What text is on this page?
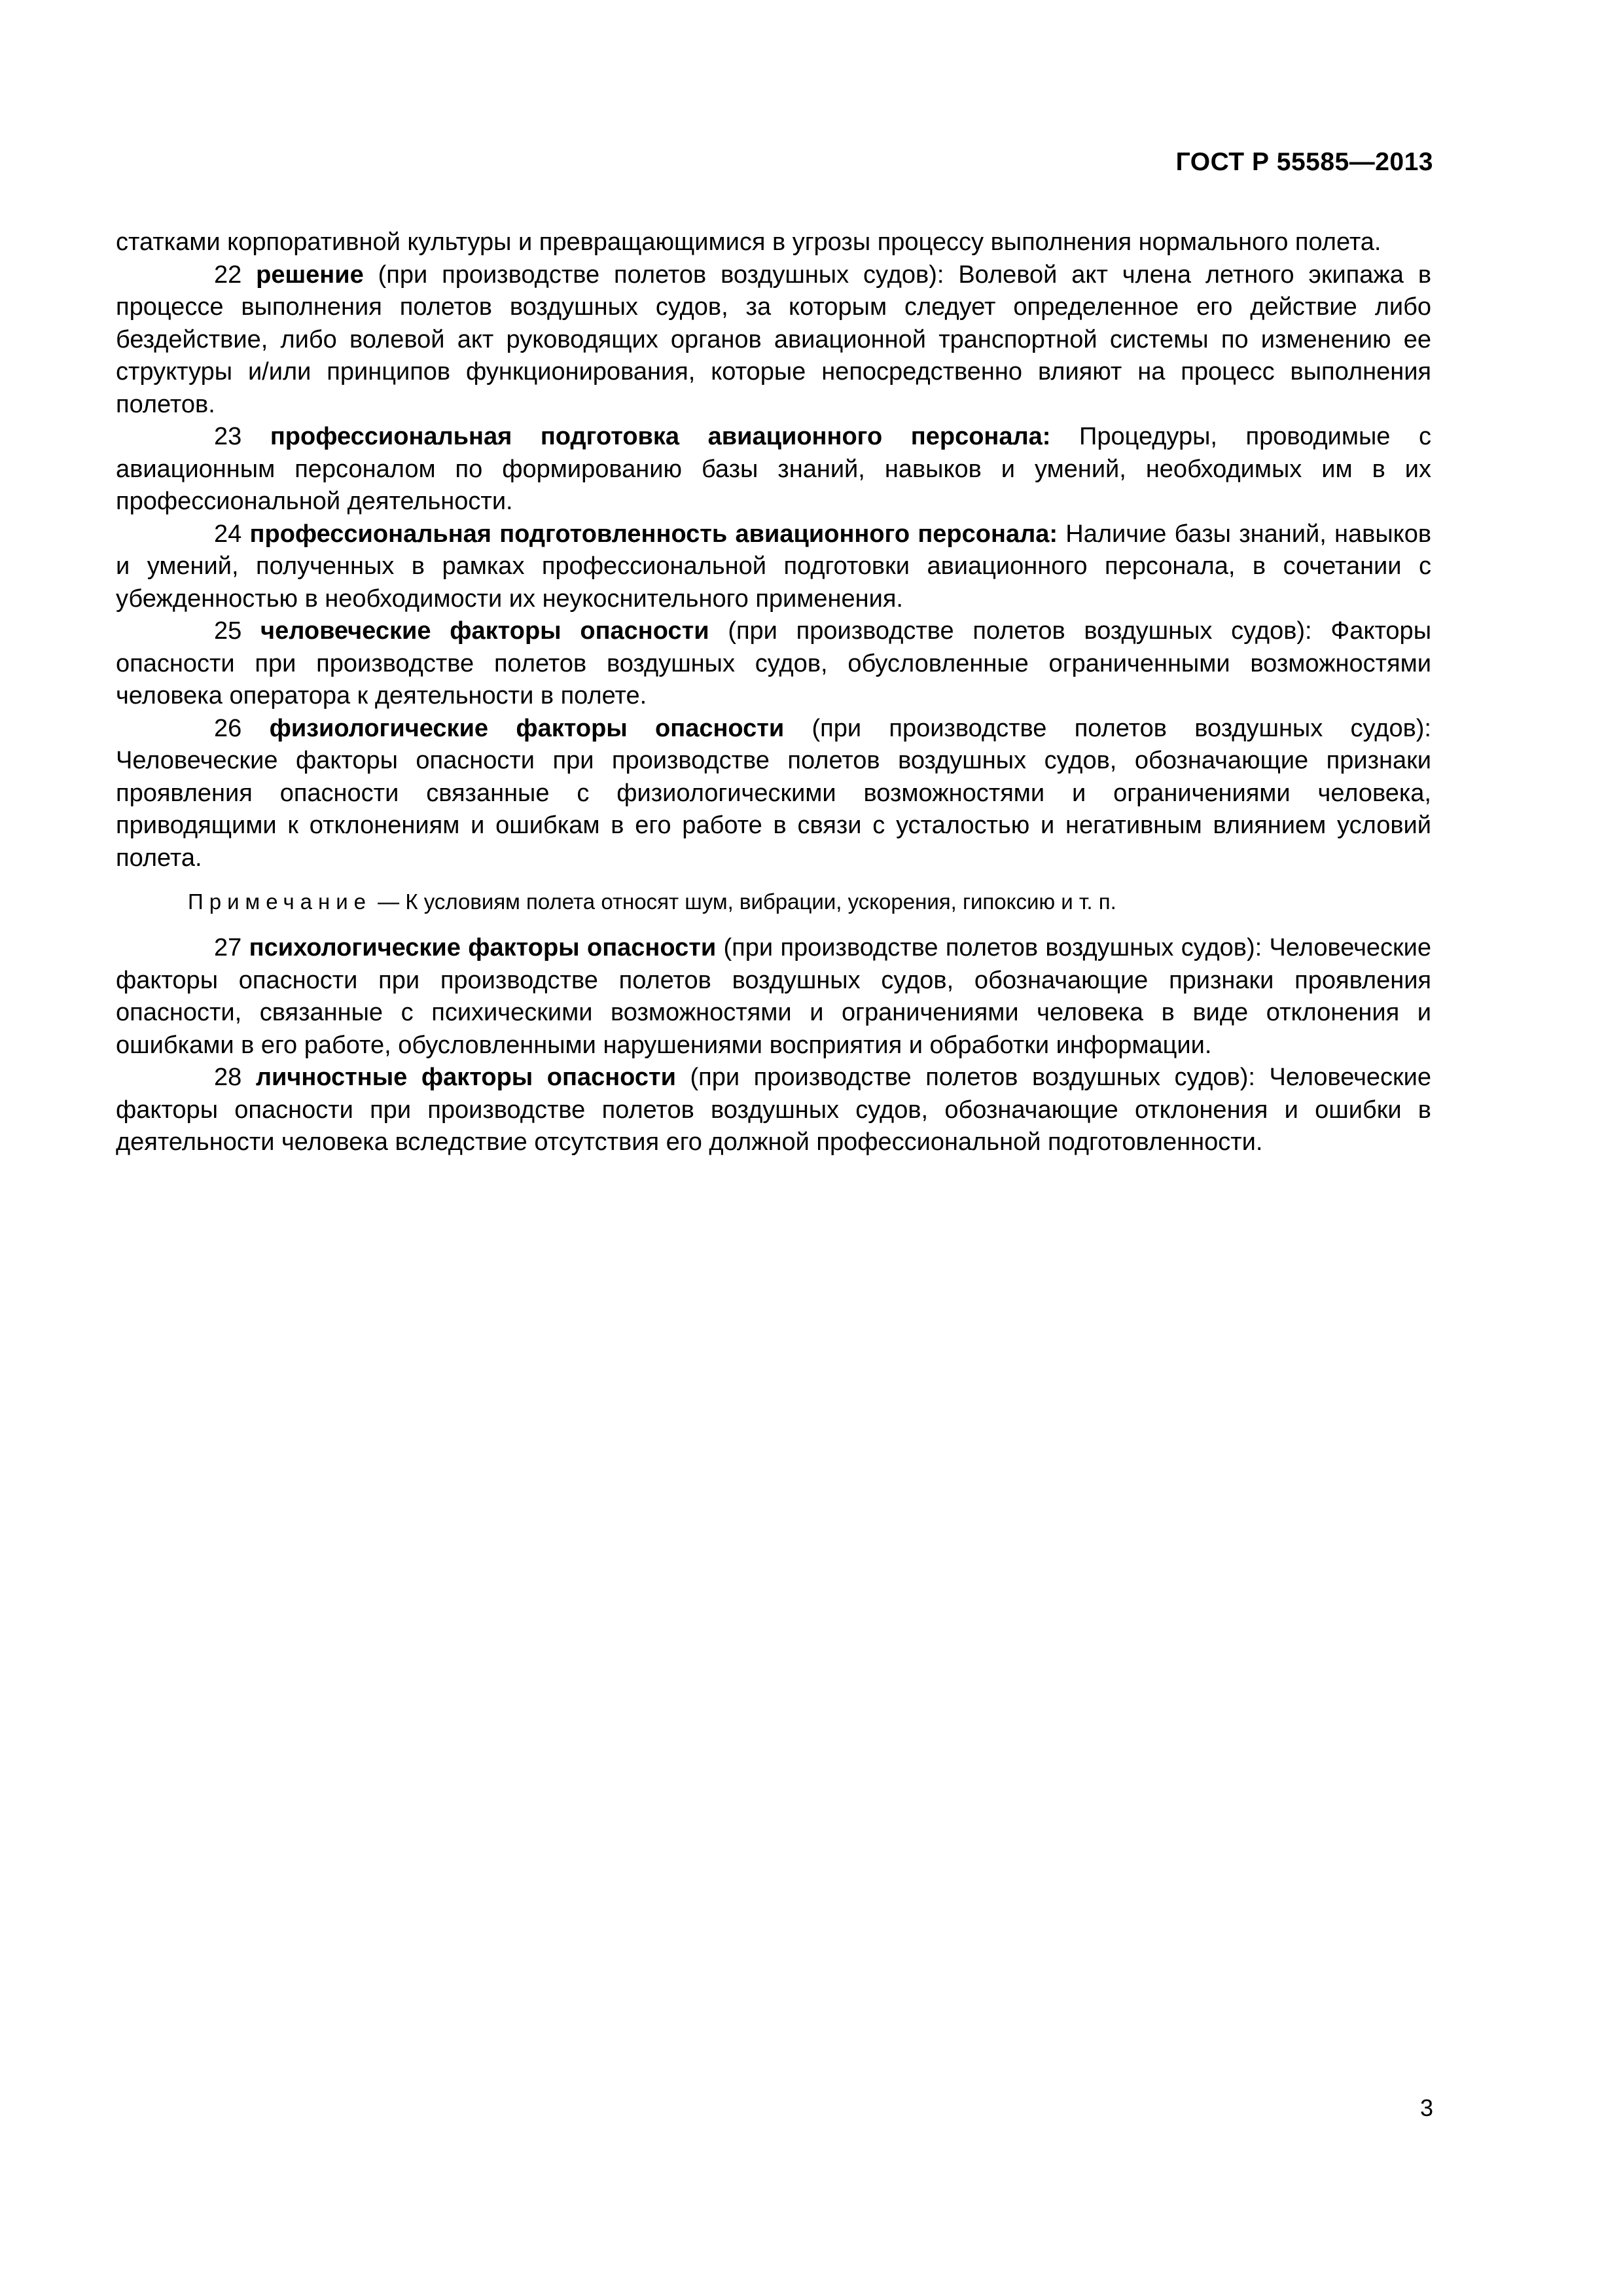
ГОСТ Р 55585—2013

статками корпоративной культуры и превращающимися в угрозы процессу выполнения нормального полета.

22 решение (при производстве полетов воздушных судов): Волевой акт члена летного экипажа в процессе выполнения полетов воздушных судов, за которым следует определенное его действие либо бездействие, либо волевой акт руководящих органов авиационной транспортной системы по изменению ее структуры и/или принципов функционирования, которые непосредственно влияют на процесс выполнения полетов.

23 профессиональная подготовка авиационного персонала: Процедуры, проводимые с авиационным персоналом по формированию базы знаний, навыков и умений, необходимых им в их профессиональной деятельности.

24 профессиональная подготовленность авиационного персонала: Наличие базы знаний, навыков и умений, полученных в рамках профессиональной подготовки авиационного персонала, в сочетании с убежденностью в необходимости их неукоснительного применения.

25 человеческие факторы опасности (при производстве полетов воздушных судов): Факторы опасности при производстве полетов воздушных судов, обусловленные ограниченными возможностями человека оператора к деятельности в полете.

26 физиологические факторы опасности (при производстве полетов воздушных судов): Человеческие факторы опасности при производстве полетов воздушных судов, обозначающие признаки проявления опасности связанные с физиологическими возможностями и ограничениями человека, приводящими к отклонениям и ошибкам в его работе в связи с усталостью и негативным влиянием условий полета.

Примечание — К условиям полета относят шум, вибрации, ускорения, гипоксию и т. п.

27 психологические факторы опасности (при производстве полетов воздушных судов): Человеческие факторы опасности при производстве полетов воздушных судов, обозначающие признаки проявления опасности, связанные с психическими возможностями и ограничениями человека в виде отклонения и ошибками в его работе, обусловленными нарушениями восприятия и обработки информации.

28 личностные факторы опасности (при производстве полетов воздушных судов): Человеческие факторы опасности при производстве полетов воздушных судов, обозначающие отклонения и ошибки в деятельности человека вследствие отсутствия его должной профессиональной подготовленности.

3
